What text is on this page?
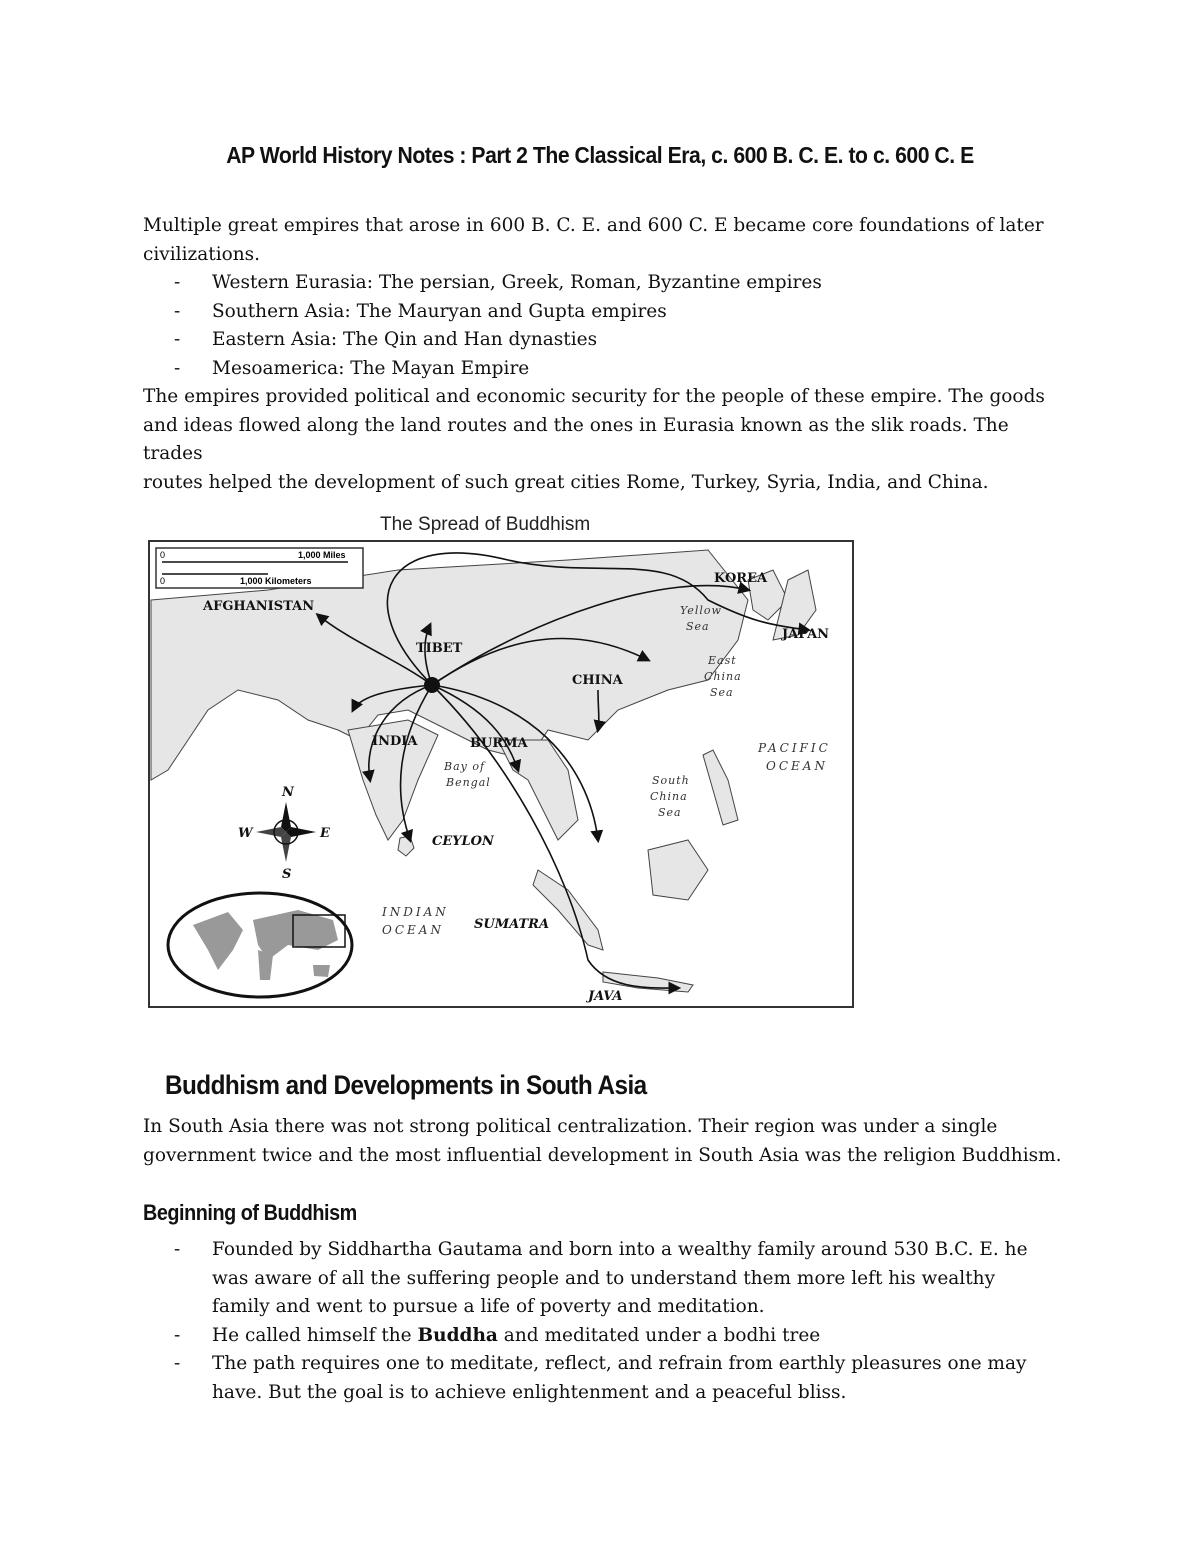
AP World History Notes : Part 2 The Classical Era, c. 600 B. C. E. to c. 600 C. E

Multiple great empires that arose in 600 B. C. E. and 600 C. E became core foundations of later
civilizations.

- Western Eurasia: The persian, Greek, Roman, Byzantine empires
- Southern Asia: The Mauryan and Gupta empires
- Eastern Asia: The Qin and Han dynasties
- Mesoamerica: The Mayan Empire

The empires provided political and economic security for the people of these empire. The goods
and ideas flowed along the land routes and the ones in Eurasia known as the slik roads. The trades
routes helped the development of such great cities Rome, Turkey, Syria, India, and China.

The Spread of Buddhism
0	1,000 Miles
0	1,000 Kilometers
AFGHANISTAN
TIBET
CHINA
KOREA
JAPAN
INDIA	BURMA
CEYLON
SUMATRA
JAVA
Yellow
Sea
East
China
Sea
South
China
Sea
Bay of
Bengal
PACIFIC
OCEAN
INDIAN
OCEAN
N
S
E
W
Buddhism and Developments in South Asia

In South Asia there was not strong political centralization. Their region was under a single
government twice and the most influential development in South Asia was the religion Buddhism.

Beginning of Buddhism
- Founded by Siddhartha Gautama and born into a wealthy family around 530 B.C. E. he was aware of all the suffering people and to understand them more left his wealthy family and went to pursue a life of poverty and meditation.
- He called himself the Buddha and meditated under a bodhi tree
- The path requires one to meditate, reflect, and refrain from earthly pleasures one may have. But the goal is to achieve enlightenment and a peaceful bliss.
